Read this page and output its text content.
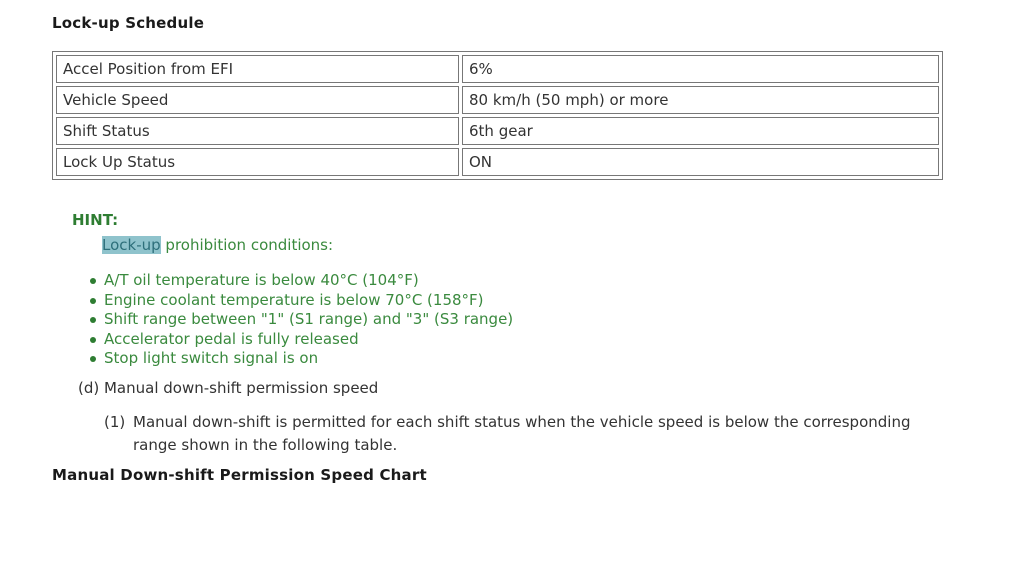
Lock-up Schedule
Accel Position from EFI	6%
Vehicle Speed	80 km/h (50 mph) or more
Shift Status	6th gear
Lock Up Status	ON
HINT:
Lock-up prohibition conditions:
A/T oil temperature is below 40°C (104°F)
Engine coolant temperature is below 70°C (158°F)
Shift range between "1" (S1 range) and "3" (S3 range)
Accelerator pedal is fully released
Stop light switch signal is on
(d) Manual down-shift permission speed
(1) Manual down-shift is permitted for each shift status when the vehicle speed is below the corresponding range shown in the following table.
Manual Down-shift Permission Speed Chart
